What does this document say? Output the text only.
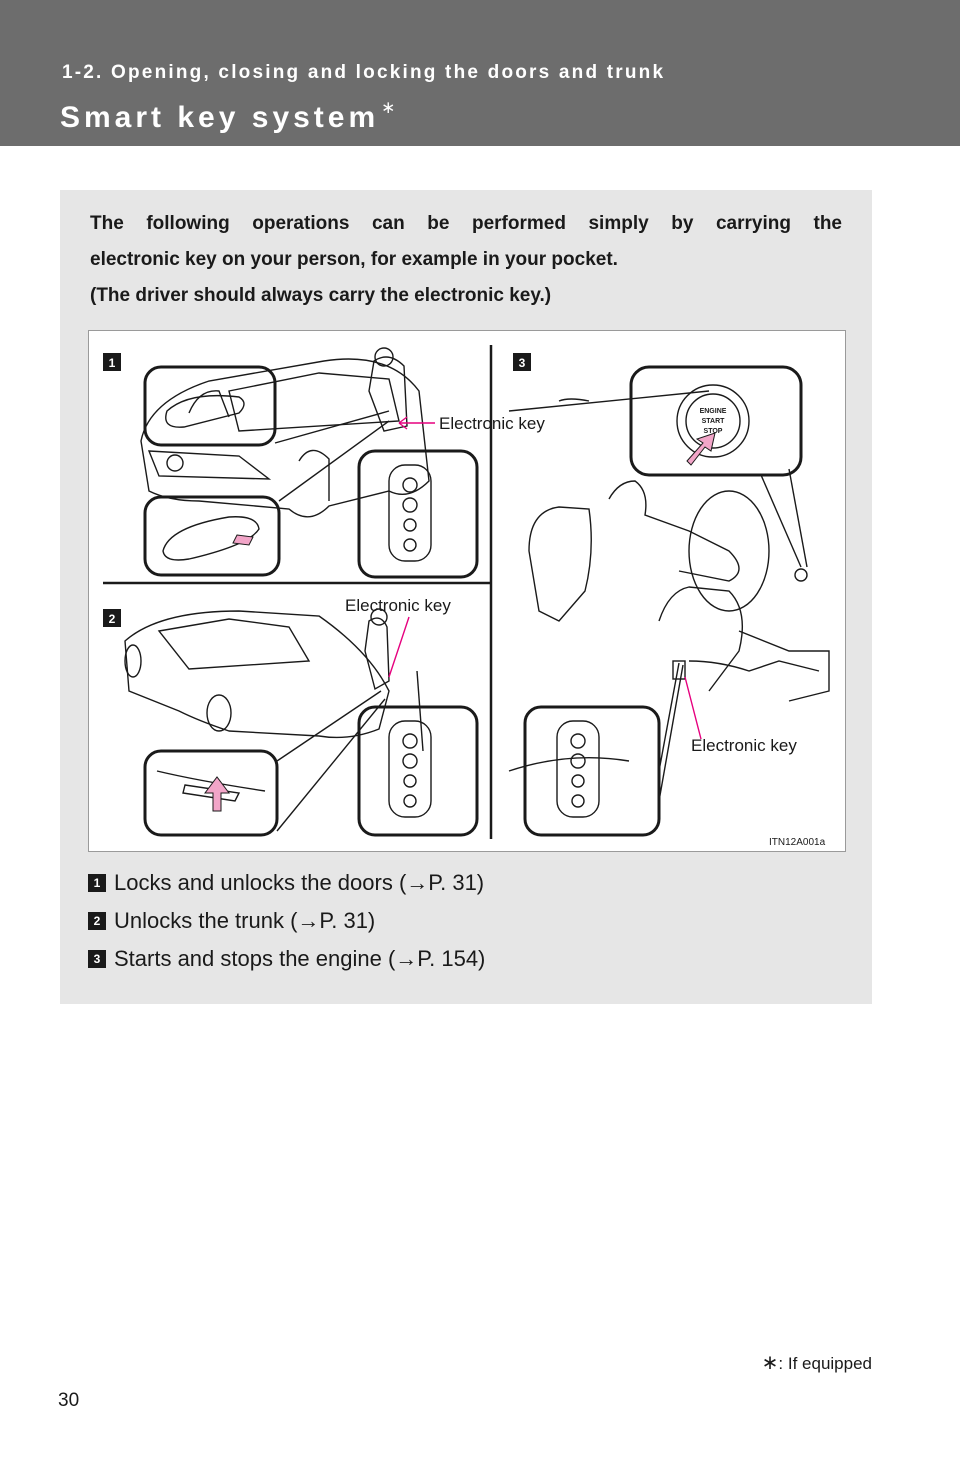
1-2. Opening, closing and locking the doors and trunk
Smart key system ∗

The following operations can be performed simply by carrying the

electronic key on your person, for example in your pocket.

(The driver should always carry the electronic key.)

1
2
3
Electronic key
Electronic key
Electronic key
ENGINE
START
STOP
ITN12A001a
1 Locks and unlocks the doors (→P. 31)
2 Unlocks the trunk (→P. 31)
3 Starts and stops the engine (→P. 154)
∗: If equipped
30
